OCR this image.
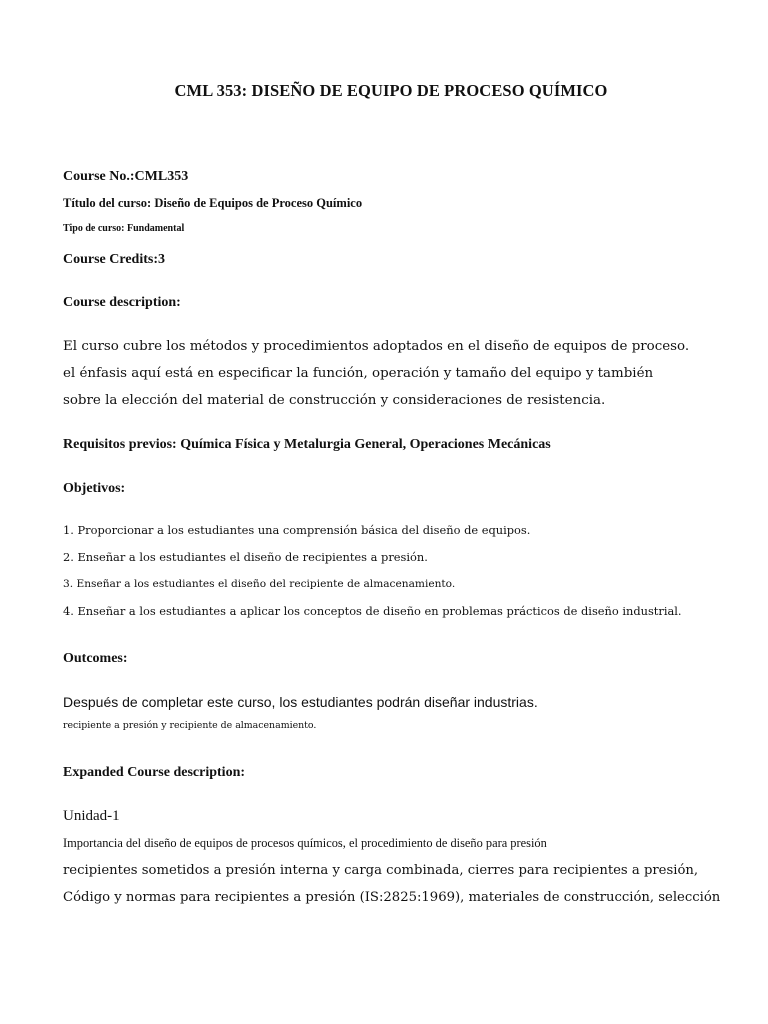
CML 353: DISEÑO DE EQUIPO DE PROCESO QUÍMICO
Course No.:CML353
Título del curso: Diseño de Equipos de Proceso Químico
Tipo de curso: Fundamental
Course Credits:3
Course description:
El curso cubre los métodos y procedimientos adoptados en el diseño de equipos de proceso.
el énfasis aquí está en especificar la función, operación y tamaño del equipo y también
sobre la elección del material de construcción y consideraciones de resistencia.
Requisitos previos: Química Física y Metalurgia General, Operaciones Mecánicas
Objetivos:
1. Proporcionar a los estudiantes una comprensión básica del diseño de equipos.
2. Enseñar a los estudiantes el diseño de recipientes a presión.
3. Enseñar a los estudiantes el diseño del recipiente de almacenamiento.
4. Enseñar a los estudiantes a aplicar los conceptos de diseño en problemas prácticos de diseño industrial.
Outcomes:
Después de completar este curso, los estudiantes podrán diseñar industrias.
recipiente a presión y recipiente de almacenamiento.
Expanded Course description:
Unidad-1
Importancia del diseño de equipos de procesos químicos, el procedimiento de diseño para presión
recipientes sometidos a presión interna y carga combinada, cierres para recipientes a presión,
Código y normas para recipientes a presión (IS:2825:1969), materiales de construcción, selección
